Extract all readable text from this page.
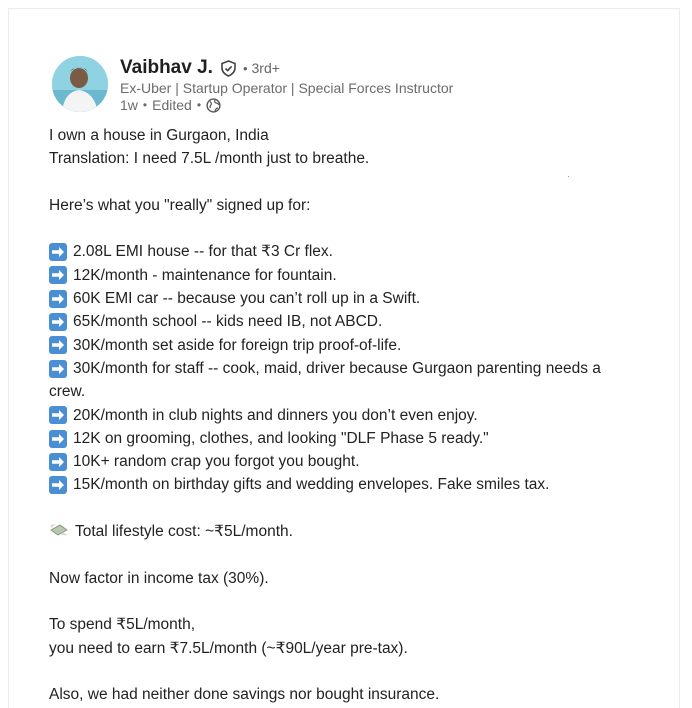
Vaibhav J. • 3rd+
Ex-Uber | Startup Operator | Special Forces Instructor
1w • Edited •
I own a house in Gurgaon, India
Translation: I need 7.5L /month just to breathe.
Here’s what you "really" signed up for:
2.08L EMI house -- for that ₹3 Cr flex.
12K/month - maintenance for fountain.
60K EMI car -- because you can’t roll up in a Swift.
65K/month school -- kids need IB, not ABCD.
30K/month set aside for foreign trip proof-of-life.
30K/month for staff -- cook, maid, driver because Gurgaon parenting needs a
crew.
20K/month in club nights and dinners you don’t even enjoy.
12K on grooming, clothes, and looking "DLF Phase 5 ready."
10K+ random crap you forgot you bought.
15K/month on birthday gifts and wedding envelopes. Fake smiles tax.
Total lifestyle cost: ~₹5L/month.
Now factor in income tax (30%).
To spend ₹5L/month,
you need to earn ₹7.5L/month (~₹90L/year pre-tax).
Also, we had neither done savings nor bought insurance.
